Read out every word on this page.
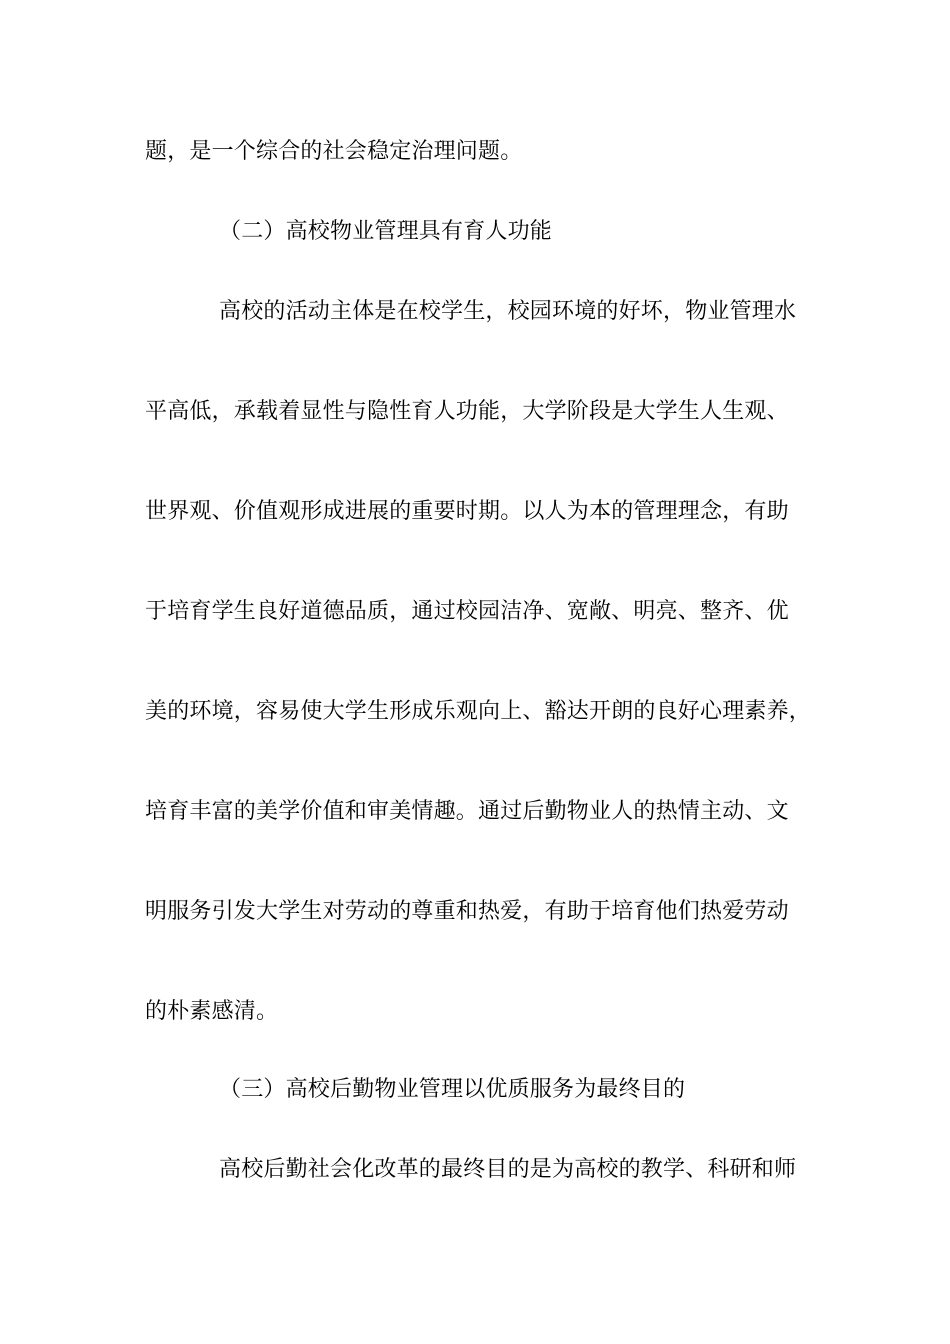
题，是一个综合的社会稳定治理问题。
（二）高校物业管理具有育人功能
高校的活动主体是在校学生，校园环境的好坏，物业管理水
平高低，承载着显性与隐性育人功能，大学阶段是大学生人生观、
世界观、价值观形成进展的重要时期。以人为本的管理理念，有助
于培育学生良好道德品质，通过校园洁净、宽敞、明亮、整齐、优
美的环境，容易使大学生形成乐观向上、豁达开朗的良好心理素养，
培育丰富的美学价值和审美情趣。通过后勤物业人的热情主动、文
明服务引发大学生对劳动的尊重和热爱，有助于培育他们热爱劳动
的朴素感清。
（三）高校后勤物业管理以优质服务为最终目的
高校后勤社会化改革的最终目的是为高校的教学、科研和师
